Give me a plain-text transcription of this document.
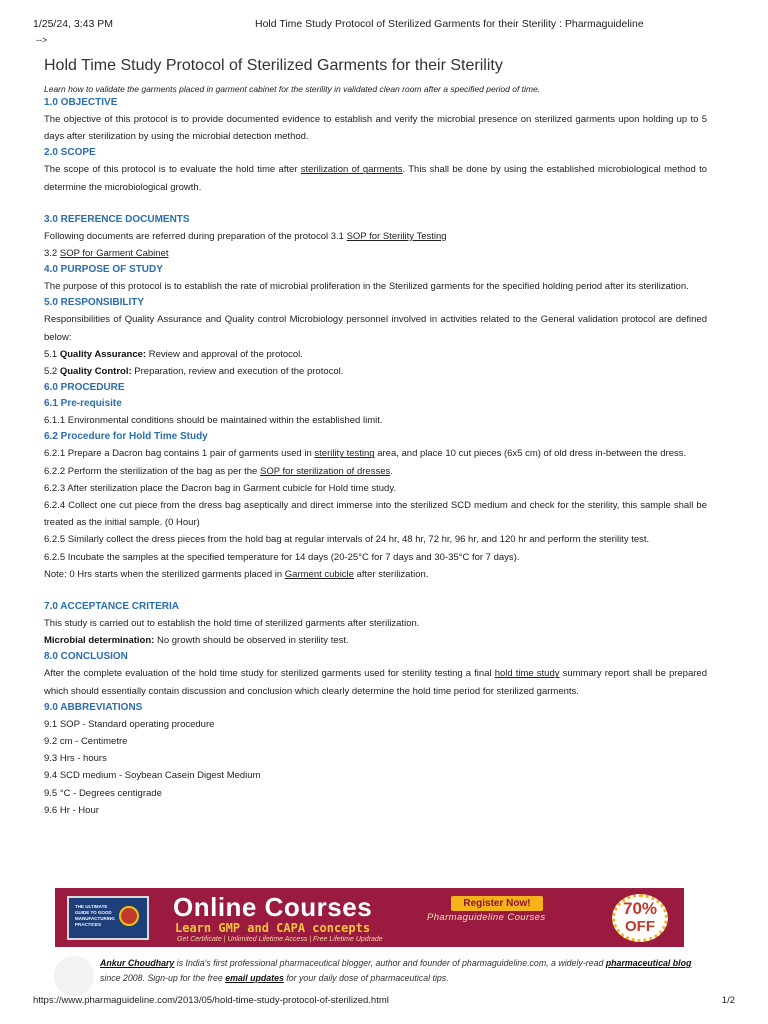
1/25/24, 3:43 PM	Hold Time Study Protocol of Sterilized Garments for their Sterility : Pharmaguideline
-->
Hold Time Study Protocol of Sterilized Garments for their Sterility

Learn how to validate the garments placed in garment cabinet for the sterility in validated clean room after a specified period of time.

1.0 OBJECTIVE

The objective of this protocol is to provide documented evidence to establish and verify the microbial presence on sterilized garments upon holding up to 5 days after sterilization by using the microbial detection method.

2.0 SCOPE

The scope of this protocol is to evaluate the hold time after sterilization of garments. This shall be done by using the established microbiological method to determine the microbiological growth.

3.0 REFERENCE DOCUMENTS

Following documents are referred during preparation of the protocol 3.1 SOP for Sterility Testing

3.2 SOP for Garment Cabinet

4.0 PURPOSE OF STUDY

The purpose of this protocol is to establish the rate of microbial proliferation in the Sterilized garments for the specified holding period after its sterilization.

5.0 RESPONSIBILITY

Responsibilities of Quality Assurance and Quality control Microbiology personnel involved in activities related to the General validation protocol are defined below:

5.1 Quality Assurance: Review and approval of the protocol.

5.2 Quality Control: Preparation, review and execution of the protocol.

6.0 PROCEDURE

6.1 Pre-requisite

6.1.1 Environmental conditions should be maintained within the established limit.

6.2 Procedure for Hold Time Study

6.2.1 Prepare a Dacron bag contains 1 pair of garments used in sterility testing area, and place 10 cut pieces (6x5 cm) of old dress in-between the dress.

6.2.2 Perform the sterilization of the bag as per the SOP for sterilization of dresses.

6.2.3 After sterilization place the Dacron bag in Garment cubicle for Hold time study.

6.2.4 Collect one cut piece from the dress bag aseptically and direct immerse into the sterilized SCD medium and check for the sterility, this sample shall be treated as the initial sample. (0 Hour)

6.2.5 Similarly collect the dress pieces from the hold bag at regular intervals of 24 hr, 48 hr, 72 hr, 96 hr, and 120 hr and perform the sterility test.

6.2.5 Incubate the samples at the specified temperature for 14 days (20-25°C for 7 days and 30-35°C for 7 days).

Note: 0 Hrs starts when the sterilized garments placed in Garment cubicle after sterilization.

7.0 ACCEPTANCE CRITERIA

This study is carried out to establish the hold time of sterilized garments after sterilization.

Microbial determination: No growth should be observed in sterility test.

8.0 CONCLUSION

After the complete evaluation of the hold time study for sterilized garments used for sterility testing a final hold time study summary report shall be prepared which should essentially contain discussion and conclusion which clearly determine the hold time period for sterilized garments.

9.0 ABBREVIATIONS

9.1 SOP - Standard operating procedure

9.2 cm - Centimetre

9.3 Hrs - hours

9.4 SCD medium - Soybean Casein Digest Medium

9.5 °C - Degrees centigrade

9.6 Hr - Hour

THE ULTIMATE GUIDE TO GOOD MANUFACTURING PRACTICES
Online Courses
Learn GMP and CAPA concepts
Get Certificate | Unlimited Lifetime Access | Free Lifetime Updrade
Register Now!
Pharmaguideline Courses	70%
OFF
Ankur Choudhary is India's first professional pharmaceutical blogger, author and founder of pharmaguideline.com, a widely-read pharmaceutical blog since 2008. Sign-up for the free email updates for your daily dose of pharmaceutical tips.
https://www.pharmaguideline.com/2013/05/hold-time-study-protocol-of-sterilized.html	1/2
